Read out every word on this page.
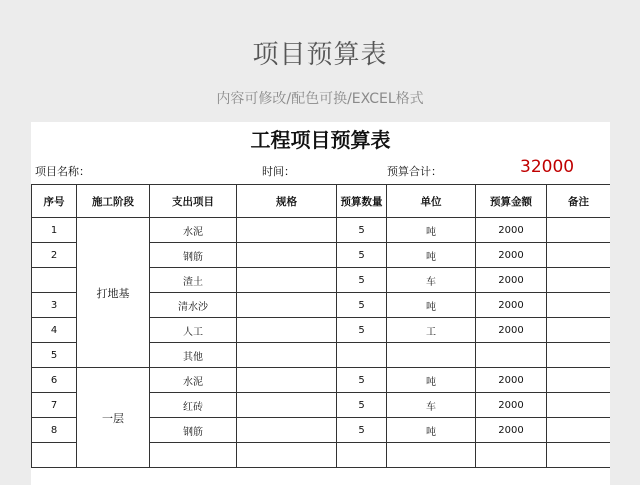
项目预算表
内容可修改/配色可换/EXCEL格式
工程项目预算表
项目名称：	时间：	预算合计：	32000
序号	施工阶段	支出项目	规格	预算数量	单位	预算金额	备注
1	打地基	水泥		5	吨	2000	
2		钢筋		5	吨	2000	
		渣土		5	车	2000	
3		清水沙		5	吨	2000	
4		人工		5	工	2000	
5		其他					
6	一层	水泥		5	吨	2000	
7		红砖		5	车	2000	
8		钢筋		5	吨	2000	
